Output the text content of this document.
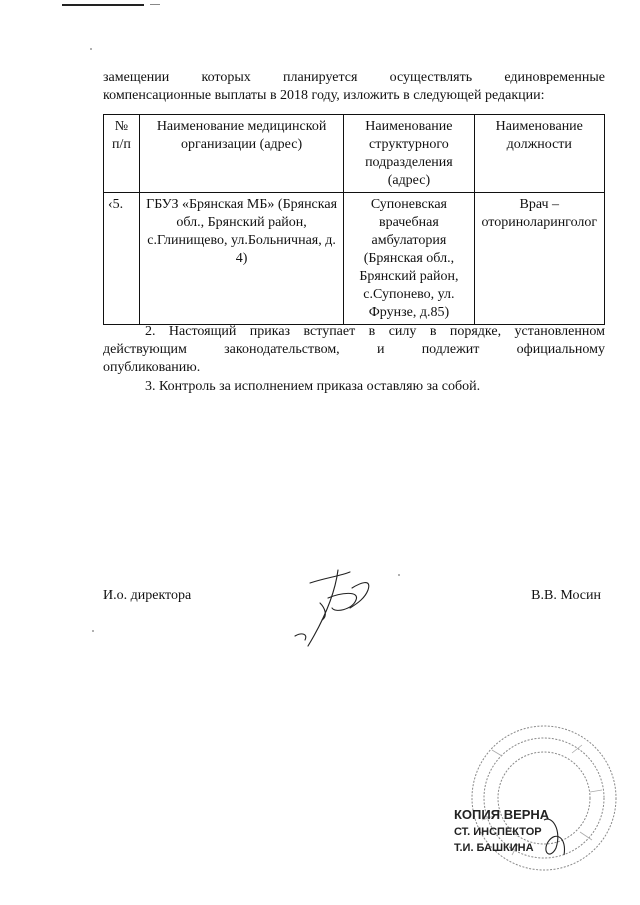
замещении которых планируется осуществлять единовременные
компенсационные выплаты в 2018 году, изложить в следующей редакции:
№ п/п	Наименование медицинской организации (адрес)	Наименование структурного подразделения (адрес)	Наименование должности
‹5.	ГБУЗ «Брянская МБ» (Брянская обл., Брянский район, с.Глинищево, ул.Больничная, д. 4)	Супоневская врачебная амбулатория (Брянская обл., Брянский район, с.Супонево, ул. Фрунзе, д.85)	Врач – оториноларинголог
2. Настоящий приказ вступает в силу в порядке, установленном
действующим	законодательством,	и	подлежит	официальному
опубликованию.
3. Контроль за исполнением приказа оставляю за собой.
И.о. директора	В.В. Мосин
КОПИЯ ВЕРНА
СТ. ИНСПЕКТОР
Т.И. БАШКИНА
